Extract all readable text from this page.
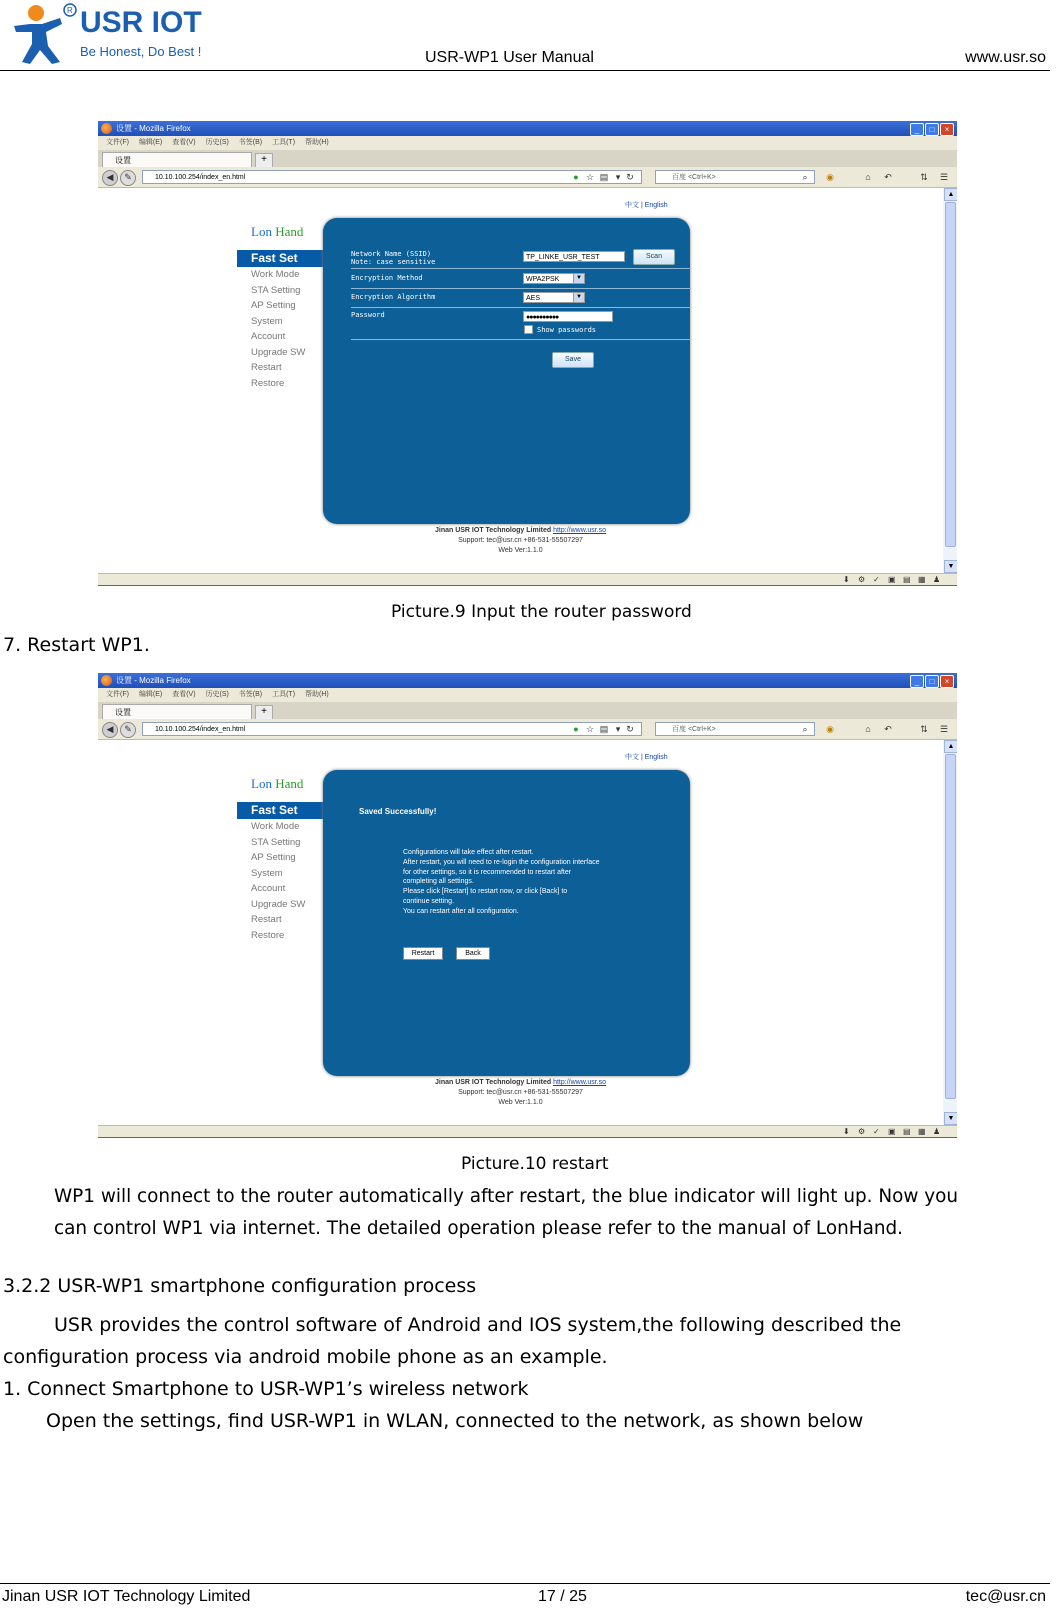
R USR IOT
Be Honest, Do Best !	USR-WP1 User Manual	www.usr.so
设置 - Mozilla Firefox	_	□	×
文件(F) 编辑(E) 查看(V) 历史(S) 书签(B) 工具(T) 帮助(H)
设置	+
◀	✎	10.10.100.254/index_en.html	● ☆ ▤ ▾ ↻	百度 <Ctrl+K>	⌕	◉	⌂	↶	⇅ ☰
中文 | English
Lon Hand
Fast Set
Work Mode
STA Setting
AP Setting
System
Account
Upgrade SW
Restart
Restore
Network Name (SSID)
Note: case sensitive
TP_LINKE_USR_TEST	Scan
Encryption Method	WPA2PSK	▼
Encryption Algorithm	AES	▼
Password	●●●●●●●●●●
Show passwords
Save
Jinan USR IOT Technology Limited http://www.usr.so
Support: tec@usr.cn +86-531-55507297
Web Ver:1.1.0
▲
▼
⬇ ⚙ ✓ ▣ ▤ ▦ ♟
Picture.9 Input the router password
7. Restart WP1.
设置 - Mozilla Firefox	_	□	×
文件(F) 编辑(E) 查看(V) 历史(S) 书签(B) 工具(T) 帮助(H)
设置	+
◀	✎	10.10.100.254/index_en.html	● ☆ ▤ ▾ ↻	百度 <Ctrl+K>	⌕	◉	⌂	↶	⇅ ☰
中文 | English
Lon Hand
Fast Set
Work Mode
STA Setting
AP Setting
System
Account
Upgrade SW
Restart
Restore
Saved Successfully!
Configurations will take effect after restart.
After restart, you will need to re-login the configuration interface
for other settings, so it is recommended to restart after
completing all settings.
Please click [Restart] to restart now, or click [Back] to
continue setting.
You can restart after all configuration.
Restart	Back
Jinan USR IOT Technology Limited http://www.usr.so
Support: tec@usr.cn +86-531-55507297
Web Ver:1.1.0
▲
▼
⬇ ⚙ ✓ ▣ ▤ ▦ ♟
Picture.10 restart
WP1 will connect to the router automatically after restart, the blue indicator will light up. Now you
can control WP1 via internet. The detailed operation please refer to the manual of LonHand.
3.2.2 USR-WP1 smartphone configuration process
USR provides the control software of Android and IOS system,the following described the
configuration process via android mobile phone as an example.
1. Connect Smartphone to USR-WP1’s wireless network
Open the settings, find USR-WP1 in WLAN, connected to the network, as shown below
Jinan USR IOT Technology Limited	17 / 25	tec@usr.cn
